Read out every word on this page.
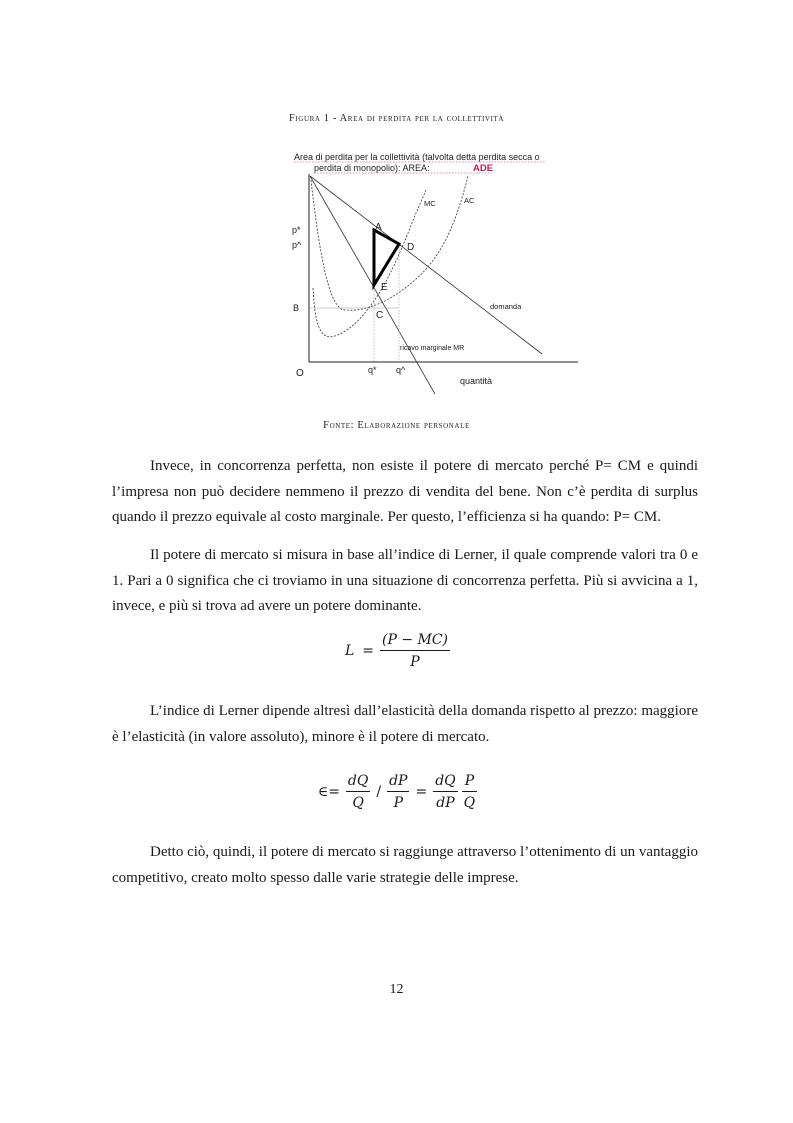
Figura 1 - Area di perdita per la collettività
Area di perdita per la collettività (talvolta detta perdita secca o
perdita di monopolio): AREA:	ADE
A
D
E
C
MC	AC
domanda
ricavo marginale MR
p*
p^
B
O	q* q^
quantità
Fonte: Elaborazione personale

Invece, in concorrenza perfetta, non esiste il potere di mercato perché P= CM e quindi l’impresa non può decidere nemmeno il prezzo di vendita del bene. Non c’è perdita di surplus quando il prezzo equivale al costo marginale. Per questo, l’efficienza si ha quando: P= CM.

Il potere di mercato si misura in base all’indice di Lerner, il quale comprende valori tra 0 e 1. Pari a 0 significa che ci troviamo in una situazione di concorrenza perfetta. Più si avvicina a 1, invece, e più si trova ad avere un potere dominante.

$L = \frac{(P - MC)}{P}$

L’indice di Lerner dipende altresì dall’elasticità della domanda rispetto al prezzo: maggiore è l’elasticità (in valore assoluto), minore è il potere di mercato.

∈= $\frac{dQ}{Q} / \frac{dP}{P} = \frac{dQ}{dP} \frac{P}{Q}$

Detto ciò, quindi, il potere di mercato si raggiunge attraverso l’ottenimento di un vantaggio competitivo, creato molto spesso dalle varie strategie delle imprese.

12
